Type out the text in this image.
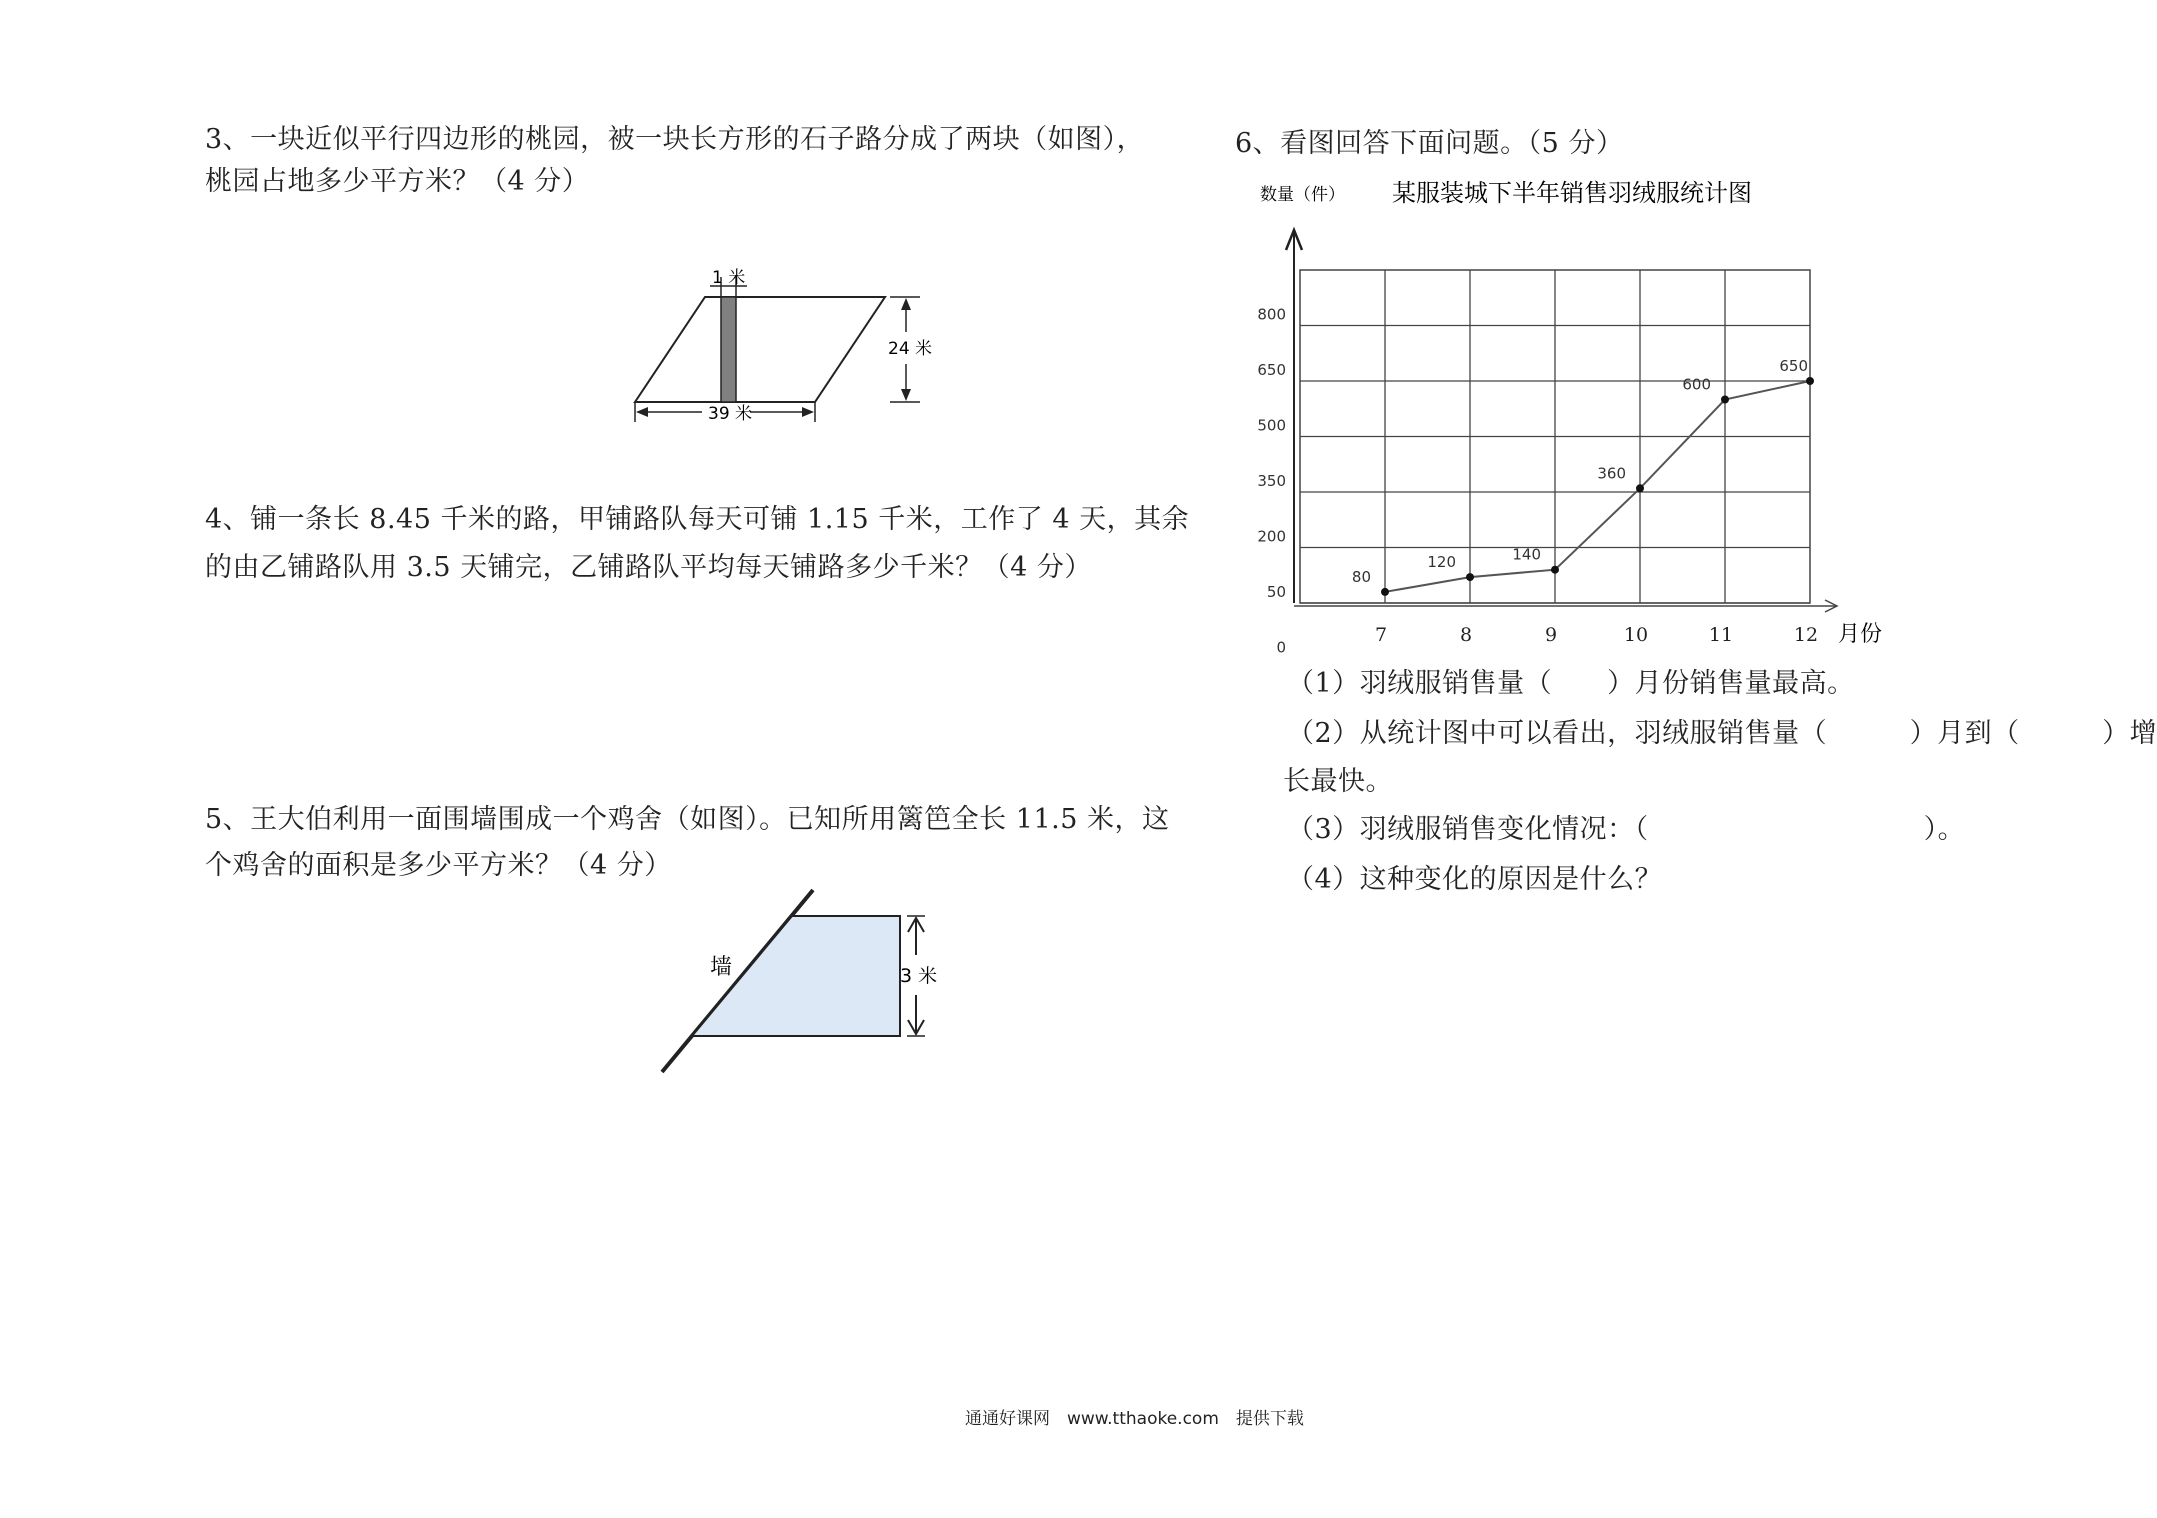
3、一块近似平行四边形的桃园，被一块长方形的石子路分成了两块（如图），
桃园占地多少平方米？（4 分）
1 米
24 米
39 米
4、铺一条长 8.45 千米的路，甲铺路队每天可铺 1.15 千米，工作了 4 天，其余
的由乙铺路队用 3.5 天铺完，乙铺路队平均每天铺路多少千米？（4 分）
5、王大伯利用一面围墙围成一个鸡舍（如图）。已知所用篱笆全长 11.5 米，这
个鸡舍的面积是多少平方米？（4 分）
墙	3 米
6、看图回答下面问题。（5 分）
数量（件） 某服装城下半年销售羽绒服统计图
800
650
500
350
200
50
0
7	8	9	10	11	12
80
120	140
360
600
650
月份
（1）羽绒服销售量（　　）月份销售量最高。
（2）从统计图中可以看出，羽绒服销售量（　　　）月到（　　　）增
长最快。
（3）羽绒服销售变化情况：（　　　　　　　　　　）。
（4）这种变化的原因是什么？
通通好课网　www.tthaoke.com　提供下载
